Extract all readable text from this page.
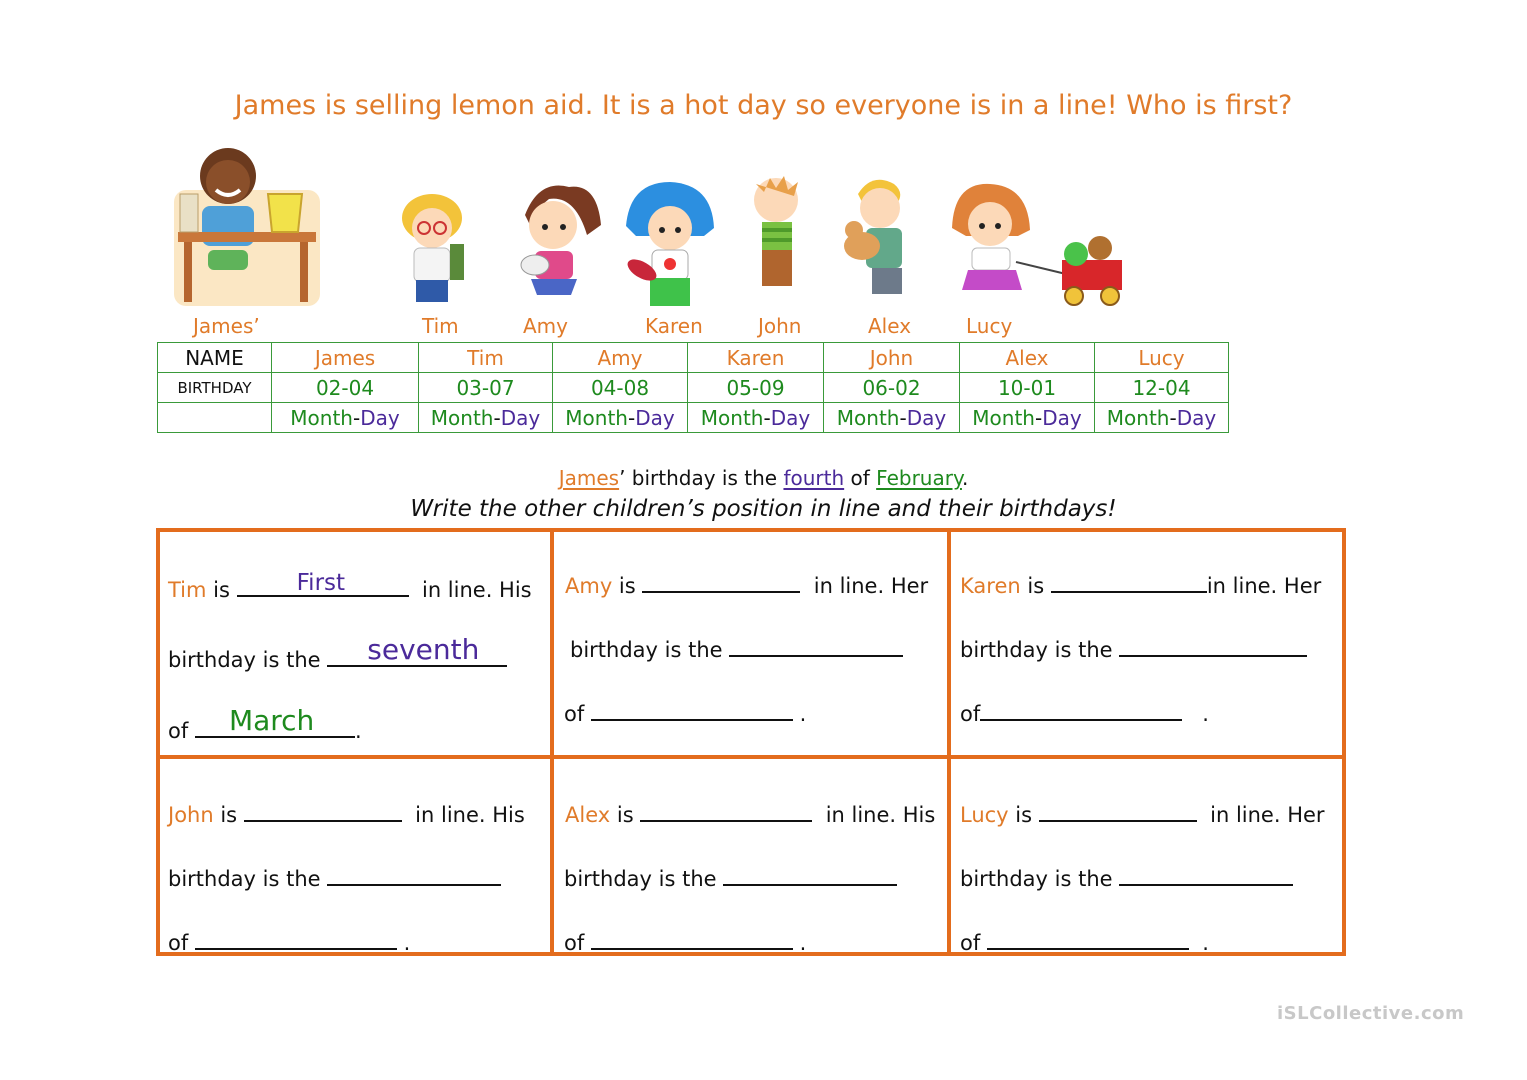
James is selling lemon aid. It is a hot day so everyone is in a line! Who is first?
James’	Tim	Amy	Karen	John	Alex	Lucy
NAME	James	Tim	Amy	Karen	John	Alex	Lucy
BIRTHDAY	02-04	03-07	04-08	05-09	06-02	10-01	12-04
	Month-Day	Month-Day	Month-Day	Month-Day	Month-Day	Month-Day	Month-Day
James’ birthday is the fourth of February.
Write the other children’s position in line and their birthdays!
Tim is	First	in line. His
birthday is the seventh
of March .
Amy is	in line. Her
birthday is the
of	.
Karen is	in line. Her
birthday is the
of	.
John is	in line. His
birthday is the
of	.
Alex is	in line. His
birthday is the
of	.
Lucy is	in line. Her
birthday is the
of	.
iSLCollective.com
